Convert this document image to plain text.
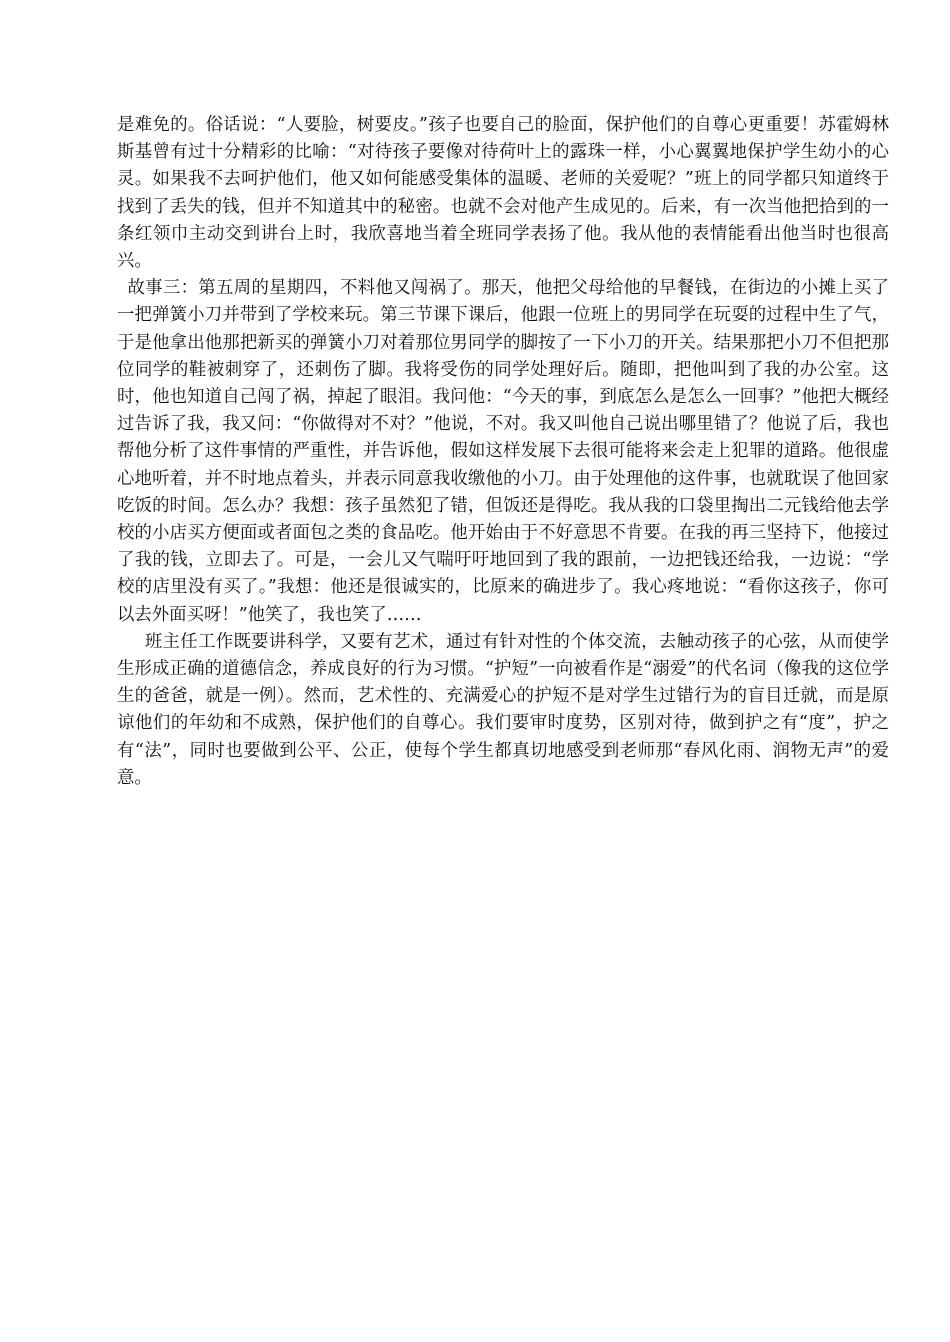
是难免的。俗话说：“人要脸，树要皮。”孩子也要自己的脸面，保护他们的自尊心更重要！苏霍姆林斯基曾有过十分精彩的比喻：“对待孩子要像对待荷叶上的露珠一样，小心翼翼地保护学生幼小的心灵。如果我不去呵护他们，他又如何能感受集体的温暖、老师的关爱呢？”班上的同学都只知道终于找到了丢失的钱，但并不知道其中的秘密。也就不会对他产生成见的。后来，有一次当他把拾到的一条红领巾主动交到讲台上时，我欣喜地当着全班同学表扬了他。我从他的表情能看出他当时也很高兴。

故事三：第五周的星期四，不料他又闯祸了。那天，他把父母给他的早餐钱，在街边的小摊上买了一把弹簧小刀并带到了学校来玩。第三节课下课后，他跟一位班上的男同学在玩耍的过程中生了气，于是他拿出他那把新买的弹簧小刀对着那位男同学的脚按了一下小刀的开关。结果那把小刀不但把那位同学的鞋被刺穿了，还刺伤了脚。我将受伤的同学处理好后。随即，把他叫到了我的办公室。这时，他也知道自己闯了祸，掉起了眼泪。我问他：“今天的事，到底怎么是怎么一回事？”他把大概经过告诉了我，我又问：“你做得对不对？”他说，不对。我又叫他自己说出哪里错了？他说了后，我也帮他分析了这件事情的严重性，并告诉他，假如这样发展下去很可能将来会走上犯罪的道路。他很虚心地听着，并不时地点着头，并表示同意我收缴他的小刀。由于处理他的这件事，也就耽误了他回家吃饭的时间。怎么办？我想：孩子虽然犯了错，但饭还是得吃。我从我的口袋里掏出二元钱给他去学校的小店买方便面或者面包之类的食品吃。他开始由于不好意思不肯要。在我的再三坚持下，他接过了我的钱，立即去了。可是，一会儿又气喘吁吁地回到了我的跟前，一边把钱还给我，一边说：“学校的店里没有买了。”我想：他还是很诚实的，比原来的确进步了。我心疼地说：“看你这孩子，你可以去外面买呀！”他笑了，我也笑了……

班主任工作既要讲科学，又要有艺术，通过有针对性的个体交流，去触动孩子的心弦，从而使学生形成正确的道德信念，养成良好的行为习惯。“护短”一向被看作是“溺爱”的代名词（像我的这位学生的爸爸，就是一例）。然而，艺术性的、充满爱心的护短不是对学生过错行为的盲目迁就，而是原谅他们的年幼和不成熟，保护他们的自尊心。我们要审时度势，区别对待，做到护之有“度”，护之有“法”，同时也要做到公平、公正，使每个学生都真切地感受到老师那“春风化雨、润物无声”的爱意。
